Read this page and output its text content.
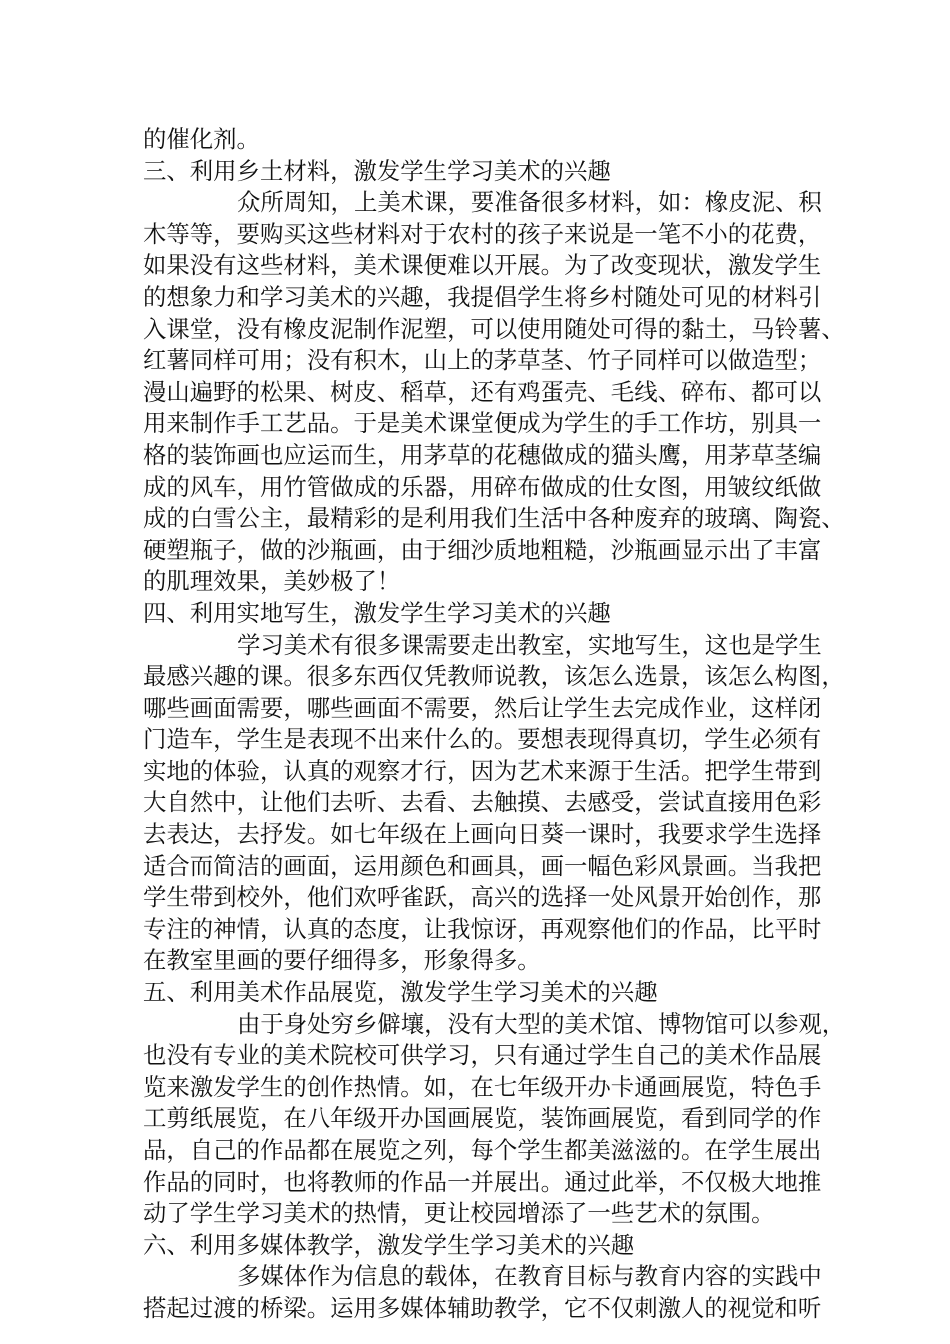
的催化剂。
三、利用乡土材料，激发学生学习美术的兴趣
众所周知，上美术课，要准备很多材料，如：橡皮泥、积
木等等，要购买这些材料对于农村的孩子来说是一笔不小的花费，
如果没有这些材料，美术课便难以开展。为了改变现状，激发学生
的想象力和学习美术的兴趣，我提倡学生将乡村随处可见的材料引
入课堂，没有橡皮泥制作泥塑，可以使用随处可得的黏土，马铃薯、
红薯同样可用；没有积木，山上的茅草茎、竹子同样可以做造型；
漫山遍野的松果、树皮、稻草，还有鸡蛋壳、毛线、碎布、都可以
用来制作手工艺品。于是美术课堂便成为学生的手工作坊，别具一
格的装饰画也应运而生，用茅草的花穗做成的猫头鹰，用茅草茎编
成的风车，用竹管做成的乐器，用碎布做成的仕女图，用皱纹纸做
成的白雪公主，最精彩的是利用我们生活中各种废弃的玻璃、陶瓷、
硬塑瓶子，做的沙瓶画，由于细沙质地粗糙，沙瓶画显示出了丰富
的肌理效果，美妙极了！
四、利用实地写生，激发学生学习美术的兴趣
学习美术有很多课需要走出教室，实地写生，这也是学生
最感兴趣的课。很多东西仅凭教师说教，该怎么选景，该怎么构图，
哪些画面需要，哪些画面不需要，然后让学生去完成作业，这样闭
门造车，学生是表现不出来什么的。要想表现得真切，学生必须有
实地的体验，认真的观察才行，因为艺术来源于生活。把学生带到
大自然中，让他们去听、去看、去触摸、去感受，尝试直接用色彩
去表达，去抒发。如七年级在上画向日葵一课时，我要求学生选择
适合而简洁的画面，运用颜色和画具，画一幅色彩风景画。当我把
学生带到校外，他们欢呼雀跃，高兴的选择一处风景开始创作，那
专注的神情，认真的态度，让我惊讶，再观察他们的作品，比平时
在教室里画的要仔细得多，形象得多。
五、利用美术作品展览，激发学生学习美术的兴趣
由于身处穷乡僻壤，没有大型的美术馆、博物馆可以参观，
也没有专业的美术院校可供学习，只有通过学生自己的美术作品展
览来激发学生的创作热情。如，在七年级开办卡通画展览，特色手
工剪纸展览，在八年级开办国画展览，装饰画展览，看到同学的作
品，自己的作品都在展览之列，每个学生都美滋滋的。在学生展出
作品的同时，也将教师的作品一并展出。通过此举，不仅极大地推
动了学生学习美术的热情，更让校园增添了一些艺术的氛围。
六、利用多媒体教学，激发学生学习美术的兴趣
多媒体作为信息的载体，在教育目标与教育内容的实践中
搭起过渡的桥梁。运用多媒体辅助教学，它不仅刺激人的视觉和听
